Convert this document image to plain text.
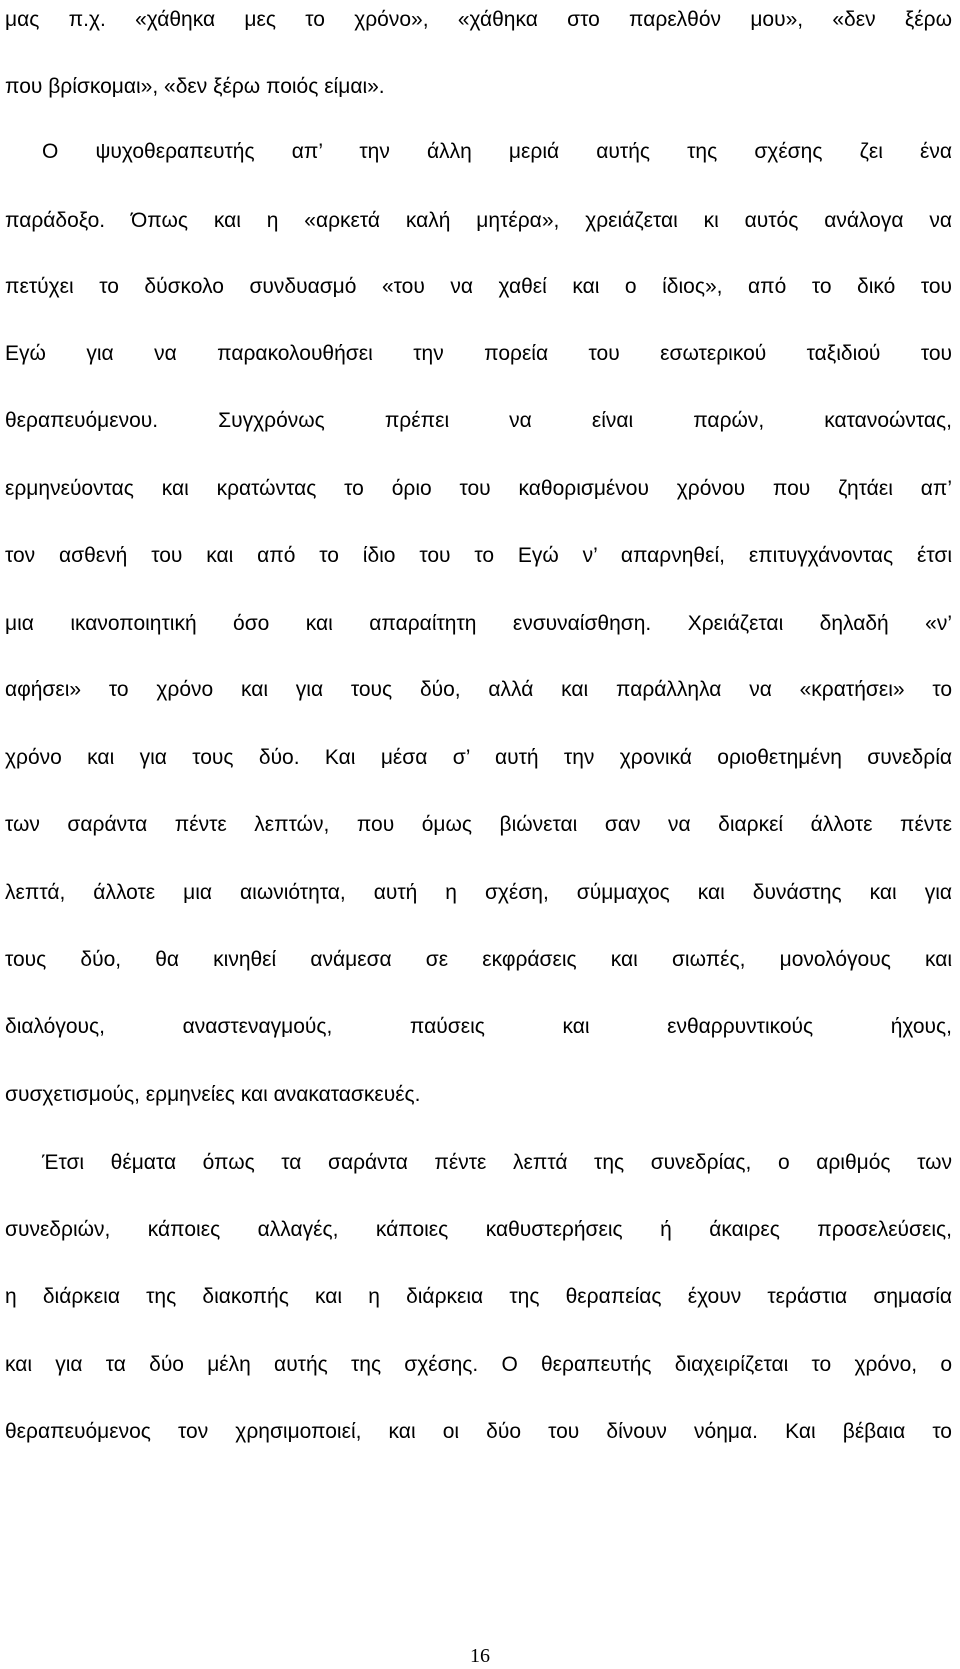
μας π.χ. «χάθηκα μες το χρόνο», «χάθηκα στο παρελθόν μου», «δεν ξέρω
που βρίσκομαι», «δεν ξέρω ποιός είμαι».
Ο ψυχοθεραπευτής απ’ την άλλη μεριά αυτής της σχέσης ζει ένα
παράδοξο. Όπως και η «αρκετά καλή μητέρα», χρειάζεται κι αυτός ανάλογα να
πετύχει το δύσκολο συνδυασμό «του να χαθεί και ο ίδιος», από το δικό του
Εγώ για να παρακολουθήσει την πορεία του εσωτερικού ταξιδιού του
θεραπευόμενου. Συγχρόνως πρέπει να είναι παρών, κατανοώντας,
ερμηνεύοντας και κρατώντας το όριο του καθορισμένου χρόνου που ζητάει απ’
τον ασθενή του και από το ίδιο του το Εγώ ν’ απαρνηθεί, επιτυγχάνοντας έτσι
μια ικανοποιητική όσο και απαραίτητη ενσυναίσθηση. Χρειάζεται δηλαδή «ν’
αφήσει» το χρόνο και για τους δύο, αλλά και παράλληλα να «κρατήσει» το
χρόνο και για τους δύο. Και μέσα σ’ αυτή την χρονικά οριοθετημένη συνεδρία
των σαράντα πέντε λεπτών, που όμως βιώνεται σαν να διαρκεί άλλοτε πέντε
λεπτά, άλλοτε μια αιωνιότητα, αυτή η σχέση, σύμμαχος και δυνάστης και για
τους δύο, θα κινηθεί ανάμεσα σε εκφράσεις και σιωπές, μονολόγους και
διαλόγους, αναστεναγμούς, παύσεις και ενθαρρυντικούς ήχους,
συσχετισμούς, ερμηνείες και ανακατασκευές.
Έτσι θέματα όπως τα σαράντα πέντε λεπτά της συνεδρίας, ο αριθμός των
συνεδριών, κάποιες αλλαγές, κάποιες καθυστερήσεις ή άκαιρες προσελεύσεις,
η διάρκεια της διακοπής και η διάρκεια της θεραπείας έχουν τεράστια σημασία
και για τα δύο μέλη αυτής της σχέσης. Ο θεραπευτής διαχειρίζεται το χρόνο, ο
θεραπευόμενος τον χρησιμοποιεί, και οι δύο του δίνουν νόημα. Και βέβαια το
16
